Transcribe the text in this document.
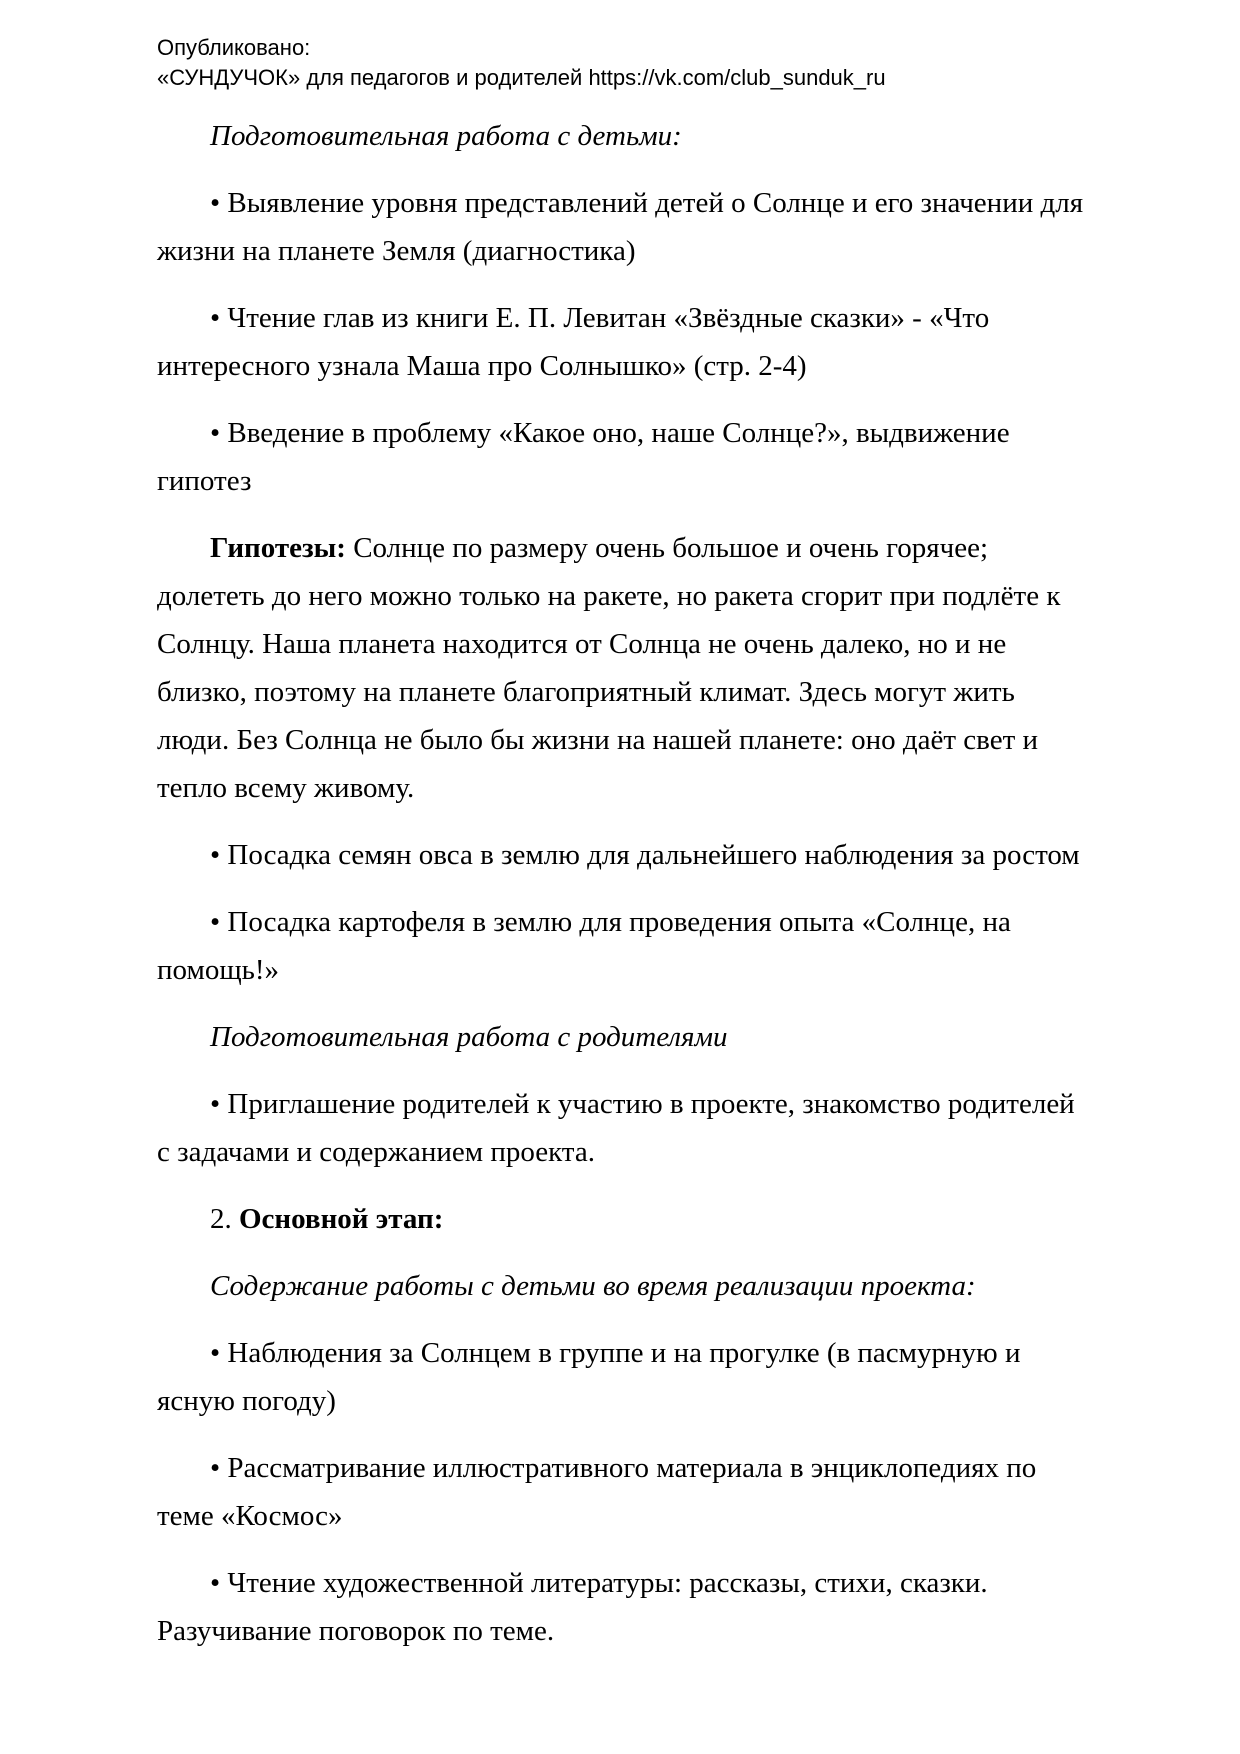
Опубликовано:
«СУНДУЧОК» для педагогов и родителей https://vk.com/club_sunduk_ru

Подготовительная работа с детьми:

• Выявление уровня представлений детей о Солнце и его значении для жизни на планете Земля (диагностика)

• Чтение глав из книги Е. П. Левитан «Звёздные сказки» - «Что интересного узнала Маша про Солнышко» (стр. 2-4)

• Введение в проблему «Какое оно, наше Солнце?», выдвижение гипотез

Гипотезы: Солнце по размеру очень большое и очень горячее; долететь до него можно только на ракете, но ракета сгорит при подлёте к Солнцу. Наша планета находится от Солнца не очень далеко, но и не близко, поэтому на планете благоприятный климат. Здесь могут жить люди. Без Солнца не было бы жизни на нашей планете: оно даёт свет и тепло всему живому.

• Посадка семян овса в землю для дальнейшего наблюдения за ростом

• Посадка картофеля в землю для проведения опыта «Солнце, на помощь!»

Подготовительная работа с родителями

• Приглашение родителей к участию в проекте, знакомство родителей с задачами и содержанием проекта.

2. Основной этап:

Содержание работы с детьми во время реализации проекта:

• Наблюдения за Солнцем в группе и на прогулке (в пасмурную и ясную погоду)

• Рассматривание иллюстративного материала в энциклопедиях по теме «Космос»

• Чтение художественной литературы: рассказы, стихи, сказки. Разучивание поговорок по теме.
